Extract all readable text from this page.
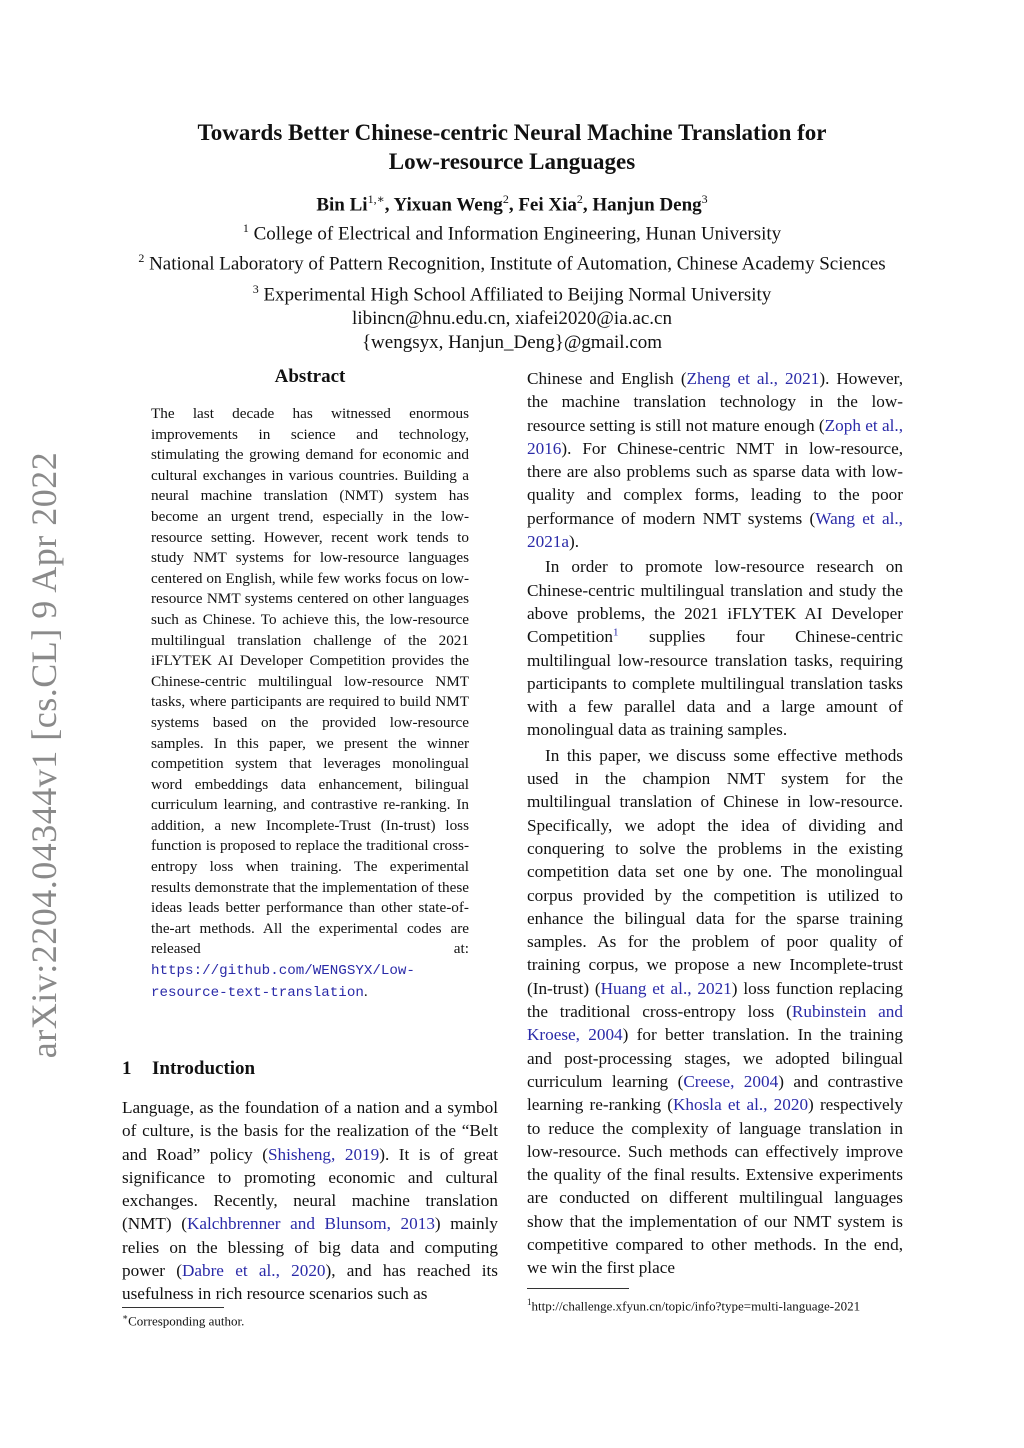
arXiv:2204.04344v1 [cs.CL] 9 Apr 2022
Towards Better Chinese-centric Neural Machine Translation for
Low-resource Languages
Bin $Li^{1,∗}$, Yixuan Weng$^2$, Fei Xia$^2$, Hanjun Deng$^3$
$^1$ College of Electrical and Information Engineering, Hunan University
$^2$ National Laboratory of Pattern Recognition, Institute of Automation, Chinese Academy Sciences
$^3$ Experimental High School Affiliated to Beijing Normal University
libincn@hnu.edu.cn, xiafei2020@ia.ac.cn
{wengsyx, Hanjun_Deng}@gmail.com
Abstract
The last decade has witnessed enormous improvements in science and technology, stimulating the growing demand for economic and cultural exchanges in various countries. Building a neural machine translation (NMT) system has become an urgent trend, especially in the low-resource setting. However, recent work tends to study NMT systems for low-resource languages centered on English, while few works focus on low-resource NMT systems centered on other languages such as Chinese. To achieve this, the low-resource multilingual translation challenge of the 2021 iFLYTEK AI Developer Competition provides the Chinese-centric multilingual low-resource NMT tasks, where participants are required to build NMT systems based on the provided low-resource samples. In this paper, we present the winner competition system that leverages monolingual word embeddings data enhancement, bilingual curriculum learning, and contrastive re-ranking. In addition, a new Incomplete-Trust (In-trust) loss function is proposed to replace the traditional cross-entropy loss when training. The experimental results demonstrate that the implementation of these ideas leads better performance than other state-of-the-art methods. All the experimental codes are released at: https://github.com/WENGSYX/Low-resource-text-translation.
1 Introduction
Language, as the foundation of a nation and a symbol of culture, is the basis for the realization of the “Belt and Road” policy (Shisheng, 2019). It is of great significance to promoting economic and cultural exchanges. Recently, neural machine translation (NMT) (Kalchbrenner and Blunsom, 2013) mainly relies on the blessing of big data and computing power (Dabre et al., 2020), and has reached its usefulness in rich resource scenarios such as

Chinese and English (Zheng et al., 2021). However, the machine translation technology in the low-resource setting is still not mature enough (Zoph et al., 2016). For Chinese-centric NMT in low-resource, there are also problems such as sparse data with low-quality and complex forms, leading to the poor performance of modern NMT systems (Wang et al., 2021a).

In order to promote low-resource research on Chinese-centric multilingual translation and study the above problems, the 2021 iFLYTEK AI Developer Competition$^1$ supplies four Chinese-centric multilingual low-resource translation tasks, requiring participants to complete multilingual translation tasks with a few parallel data and a large amount of monolingual data as training samples.

In this paper, we discuss some effective methods used in the champion NMT system for the multilingual translation of Chinese in low-resource. Specifically, we adopt the idea of dividing and conquering to solve the problems in the existing competition data set one by one. The monolingual corpus provided by the competition is utilized to enhance the bilingual data for the sparse training samples. As for the problem of poor quality of training corpus, we propose a new Incomplete-trust (In-trust) (Huang et al., 2021) loss function replacing the traditional cross-entropy loss (Rubinstein and Kroese, 2004) for better translation. In the training and post-processing stages, we adopted bilingual curriculum learning (Creese, 2004) and contrastive learning re-ranking (Khosla et al., 2020) respectively to reduce the complexity of language translation in low-resource. Such methods can effectively improve the quality of the final results. Extensive experiments are conducted on different multilingual languages show that the implementation of our NMT system is competitive compared to other methods. In the end, we win the first place

∗Corresponding author.
$^1$http://challenge.xfyun.cn/topic/info?type=multi-language-2021
